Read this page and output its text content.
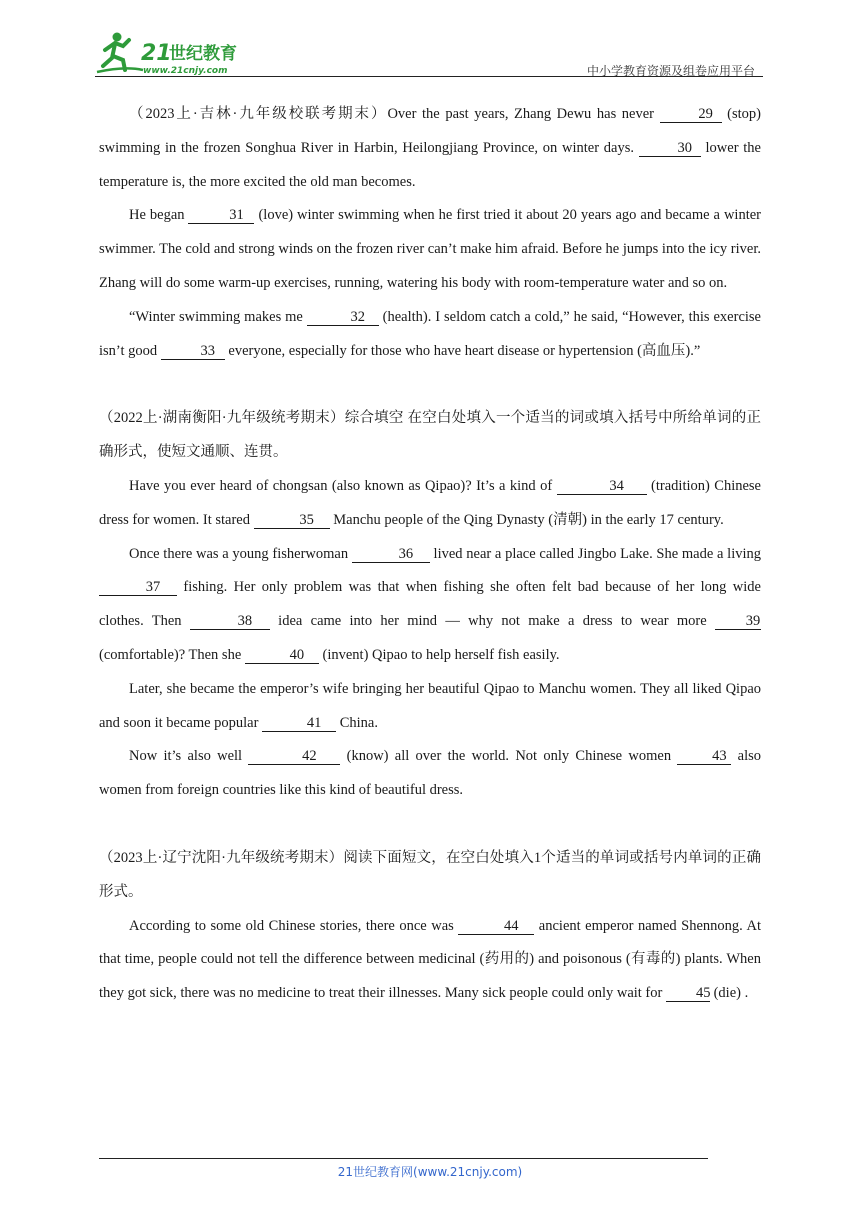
21
世纪教育
www.21cnjy.com	中小学教育资源及组卷应用平台

（2023上·吉林·九年级校联考期末）Over the past years, Zhang Dewu has never	29 (stop) swimming in the frozen Songhua River in Harbin, Heilongjiang Province, on winter days.	30 lower the temperature is, the more excited the old man becomes.

He began	31 (love) winter swimming when he first tried it about 20 years ago and became a winter swimmer. The cold and strong winds on the frozen river can’t make him afraid. Before he jumps into the icy river. Zhang will do some warm-up exercises, running, watering his body with room-temperature water and so on.

“Winter swimming makes me	32 (health). I seldom catch a cold,” he said, “However, this exercise isn’t good	33 everyone, especially for those who have heart disease or hypertension (高血压).”

（2022上·湖南衡阳·九年级统考期末）综合填空 在空白处填入一个适当的词或填入括号中所给单词的正确形式，使短文通顺、连贯。

Have you ever heard of chongsan (also known as Qipao)? It’s a kind of	34 (tradition) Chinese dress for women. It stared	35 Manchu people of the Qing Dynasty (清朝) in the early 17 century.

Once there was a young fisherwoman	36 lived near a place called Jingbo Lake. She made a living 37 fishing. Her only problem was that when fishing she often felt bad because of her long wide clothes. Then	38 idea came into her mind — why not make a dress to wear more 39 (comfortable)? Then she	40 (invent) Qipao to help herself fish easily.

Later, she became the emperor’s wife bringing her beautiful Qipao to Manchu women. They all liked Qipao and soon it became popular	41 China.

Now it’s also well	42 (know) all over the world. Not only Chinese women 43 also women from foreign countries like this kind of beautiful dress.

（2023上·辽宁沈阳·九年级统考期末）阅读下面短文，在空白处填入1个适当的单词或括号内单词的正确形式。

According to some old Chinese stories, there once was	44 ancient emperor named Shennong. At that time, people could not tell the difference between medicinal (药用的) and poisonous (有毒的) plants. When they got sick, there was no medicine to treat their illnesses. Many sick people could only wait for 45 (die) .

21世纪教育网(www.21cnjy.com)
